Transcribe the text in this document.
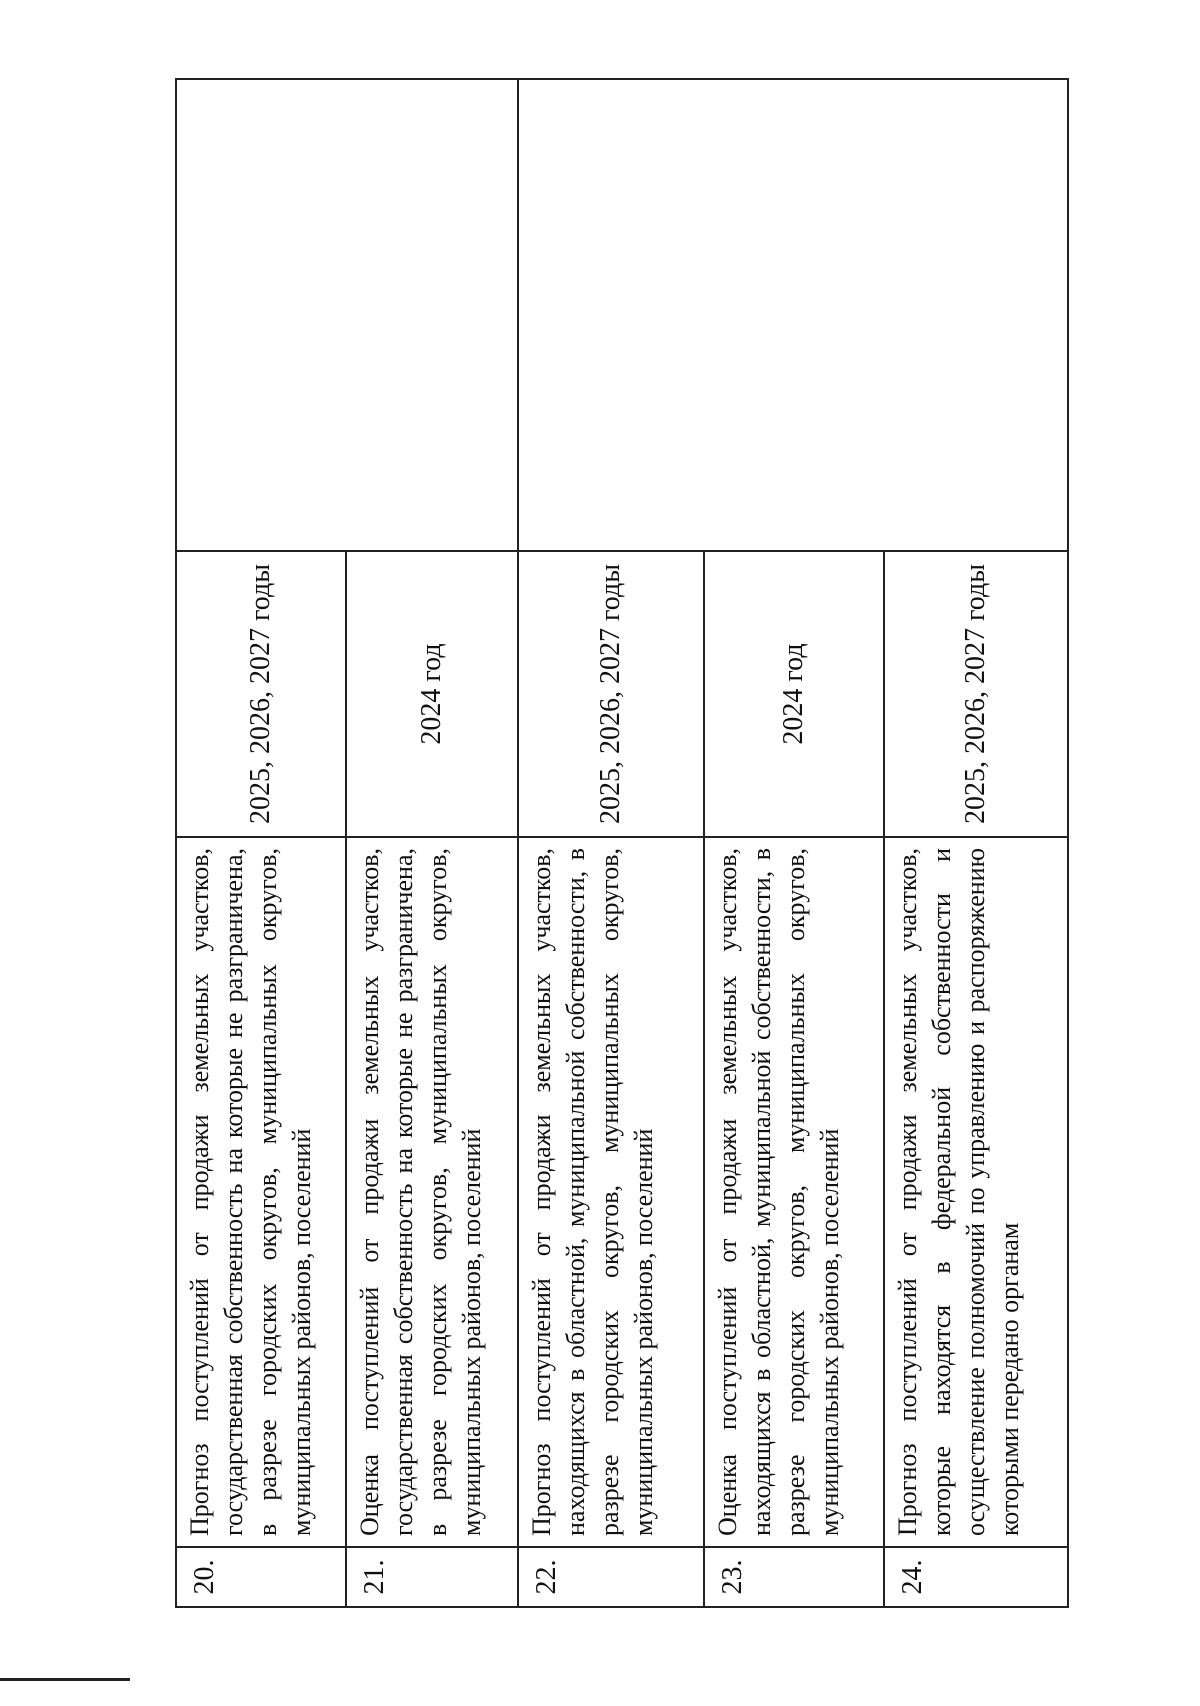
20.	Прогноз поступлений от продажи земельных участков, государственная собственность на которые не разграничена, в разрезе городских округов, муниципальных округов, муниципальных районов, поселений	2025, 2026, 2027 годы	
21.	Оценка поступлений от продажи земельных участков, государственная собственность на которые не разграничена, в разрезе городских округов, муниципальных округов, муниципальных районов, поселений	2024 год	
22.	Прогноз поступлений от продажи земельных участков, находящихся в областной, муниципальной собственности, в разрезе городских округов, муниципальных округов, муниципальных районов, поселений	2025, 2026, 2027 годы	
23.	Оценка поступлений от продажи земельных участков, находящихся в областной, муниципальной собственности, в разрезе городских округов, муниципальных округов, муниципальных районов, поселений	2024 год	
24.	Прогноз поступлений от продажи земельных участков, которые находятся в федеральной собственности и осуществление полномочий по управлению и распоряжению которыми передано органам	2025, 2026, 2027 годы	
